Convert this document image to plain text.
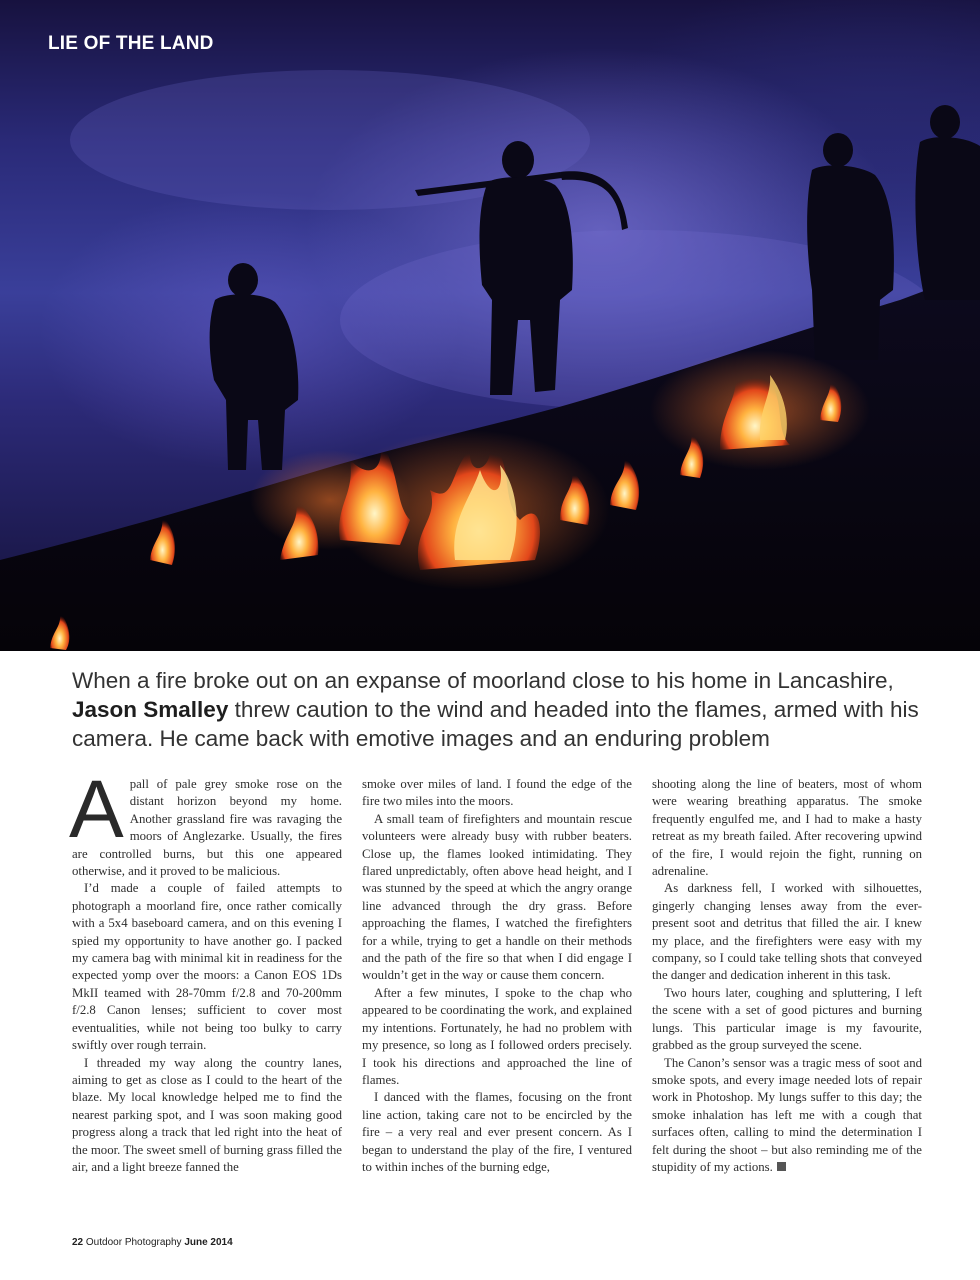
LIE OF THE LAND
When a fire broke out on an expanse of moorland close to his home in Lancashire, Jason Smalley threw caution to the wind and headed into the flames, armed with his camera. He came back with emotive images and an enduring problem

Apall of pale grey smoke rose on the distant horizon beyond my home. Another grassland fire was ravaging the moors of Anglezarke. Usually, the fires are controlled burns, but this one appeared otherwise, and it proved to be malicious.

I’d made a couple of failed attempts to photograph a moorland fire, once rather comically with a 5x4 baseboard camera, and on this evening I spied my opportunity to have another go. I packed my camera bag with minimal kit in readiness for the expected yomp over the moors: a Canon EOS 1Ds MkII teamed with 28-70mm f/2.8 and 70-200mm f/2.8 Canon lenses; sufficient to cover most eventualities, while not being too bulky to carry swiftly over rough terrain.

I threaded my way along the country lanes, aiming to get as close as I could to the heart of the blaze. My local knowledge helped me to find the nearest parking spot, and I was soon making good progress along a track that led right into the heat of the moor. The sweet smell of burning grass filled the air, and a light breeze fanned the

smoke over miles of land. I found the edge of the fire two miles into the moors.

A small team of firefighters and mountain rescue volunteers were already busy with rubber beaters. Close up, the flames looked intimidating. They flared unpredictably, often above head height, and I was stunned by the speed at which the angry orange line advanced through the dry grass. Before approaching the flames, I watched the firefighters for a while, trying to get a handle on their methods and the path of the fire so that when I did engage I wouldn’t get in the way or cause them concern.

After a few minutes, I spoke to the chap who appeared to be coordinating the work, and explained my intentions. Fortunately, he had no problem with my presence, so long as I followed orders precisely. I took his directions and approached the line of flames.

I danced with the flames, focusing on the front line action, taking care not to be encircled by the fire – a very real and ever present concern. As I began to understand the play of the fire, I ventured to within inches of the burning edge,

shooting along the line of beaters, most of whom were wearing breathing apparatus. The smoke frequently engulfed me, and I had to make a hasty retreat as my breath failed. After recovering upwind of the fire, I would rejoin the fight, running on adrenaline.

As darkness fell, I worked with silhouettes, gingerly changing lenses away from the ever-present soot and detritus that filled the air. I knew my place, and the firefighters were easy with my company, so I could take telling shots that conveyed the danger and dedication inherent in this task.

Two hours later, coughing and spluttering, I left the scene with a set of good pictures and burning lungs. This particular image is my favourite, grabbed as the group surveyed the scene.

The Canon’s sensor was a tragic mess of soot and smoke spots, and every image needed lots of repair work in Photoshop. My lungs suffer to this day; the smoke inhalation has left me with a cough that surfaces often, calling to mind the determination I felt during the shoot – but also reminding me of the stupidity of my actions.

22 Outdoor Photography June 2014
